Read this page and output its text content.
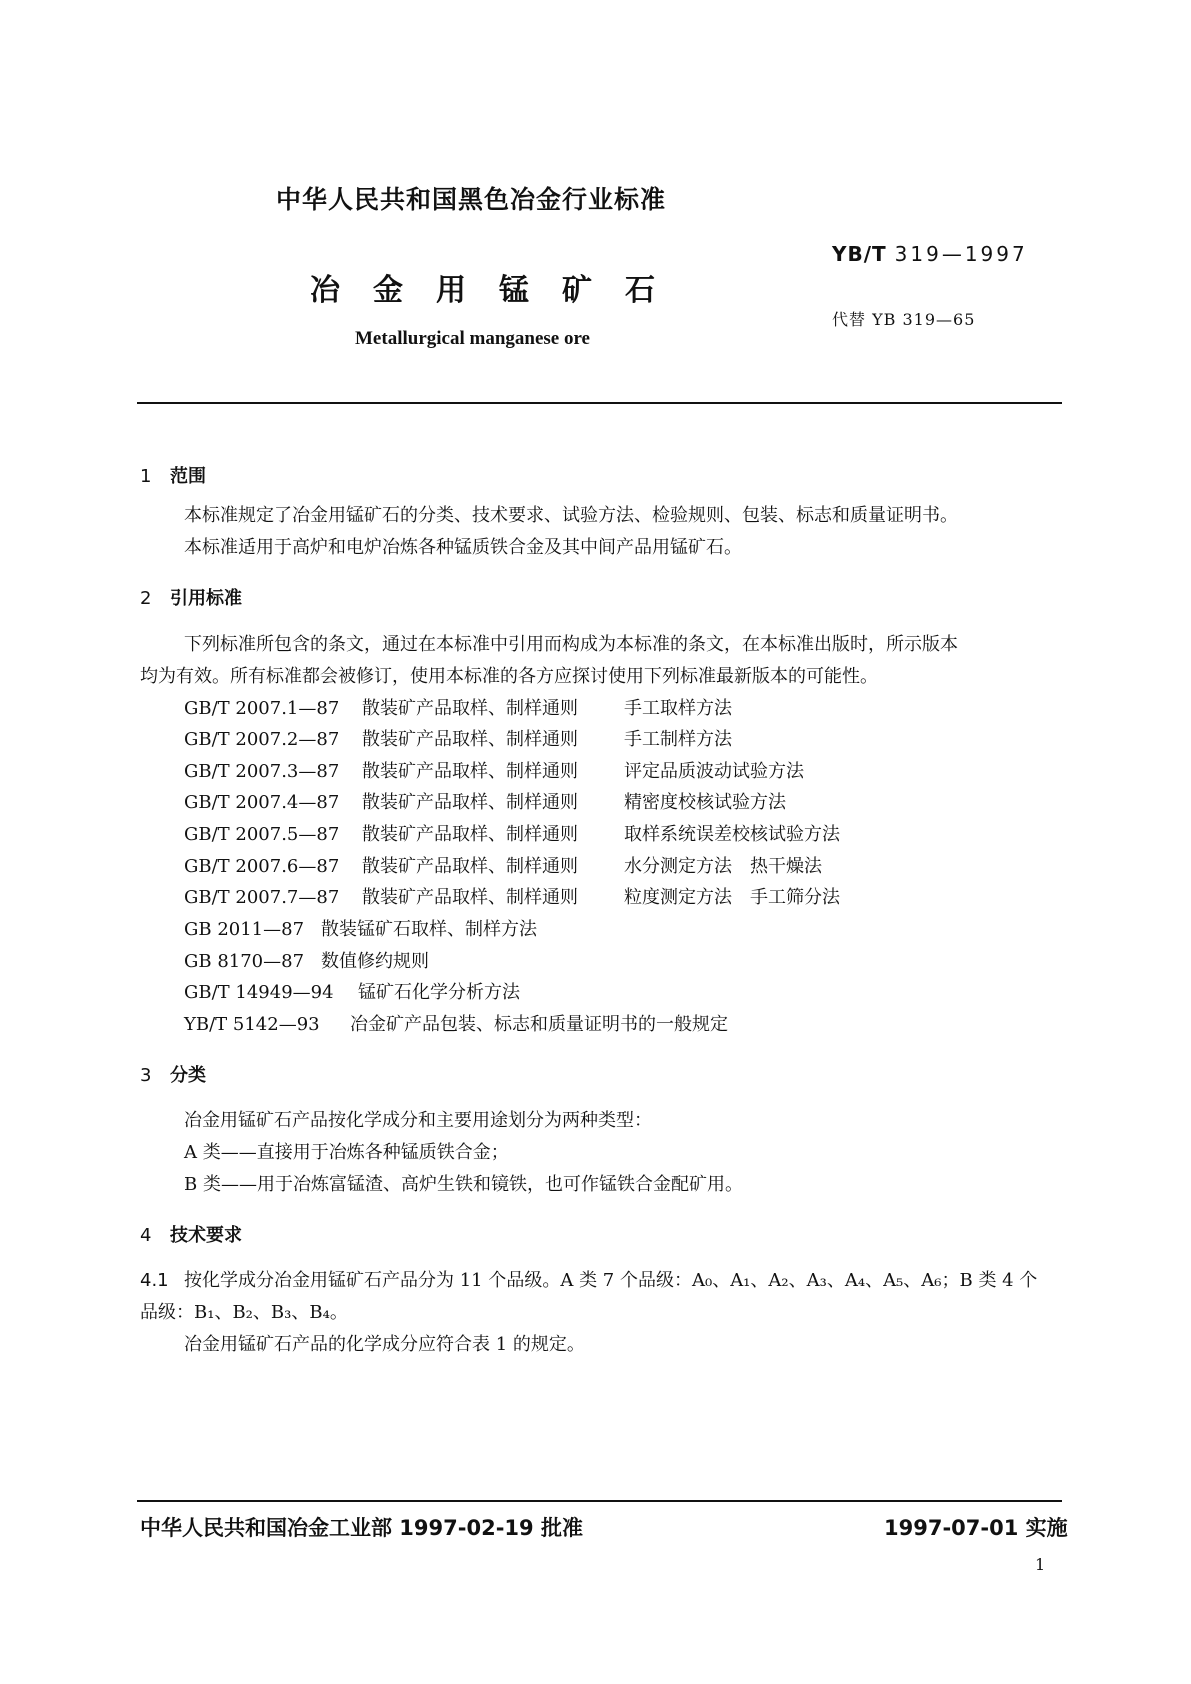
中华人民共和国黑色冶金行业标准
YB/T 319—1997
冶金用锰矿石
代替 YB 319—65
Metallurgical manganese ore
1 范围
本标准规定了冶金用锰矿石的分类、技术要求、试验方法、检验规则、包装、标志和质量证明书。
本标准适用于高炉和电炉冶炼各种锰质铁合金及其中间产品用锰矿石。
2 引用标准
下列标准所包含的条文，通过在本标准中引用而构成为本标准的条文，在本标准出版时，所示版本
均为有效。所有标准都会被修订，使用本标准的各方应探讨使用下列标准最新版本的可能性。
GB/T 2007.1—87 散装矿产品取样、制样通则	手工取样方法
GB/T 2007.2—87 散装矿产品取样、制样通则	手工制样方法
GB/T 2007.3—87 散装矿产品取样、制样通则	评定品质波动试验方法
GB/T 2007.4—87 散装矿产品取样、制样通则	精密度校核试验方法
GB/T 2007.5—87 散装矿产品取样、制样通则	取样系统误差校核试验方法
GB/T 2007.6—87 散装矿产品取样、制样通则	水分测定方法　热干燥法
GB/T 2007.7—87 散装矿产品取样、制样通则	粒度测定方法　手工筛分法
GB 2011—87 散装锰矿石取样、制样方法
GB 8170—87 数值修约规则
GB/T 14949—94 锰矿石化学分析方法
YB/T 5142—93 冶金矿产品包装、标志和质量证明书的一般规定
3 分类
冶金用锰矿石产品按化学成分和主要用途划分为两种类型：
A 类——直接用于冶炼各种锰质铁合金；
B 类——用于冶炼富锰渣、高炉生铁和镜铁，也可作锰铁合金配矿用。
4 技术要求
4.1 按化学成分冶金用锰矿石产品分为 11 个品级。A 类 7 个品级：A₀、A₁、A₂、A₃、A₄、A₅、A₆；B 类 4 个
品级：B₁、B₂、B₃、B₄。
冶金用锰矿石产品的化学成分应符合表 1 的规定。
中华人民共和国冶金工业部 1997-02-19 批准	1997-07-01 实施
1
